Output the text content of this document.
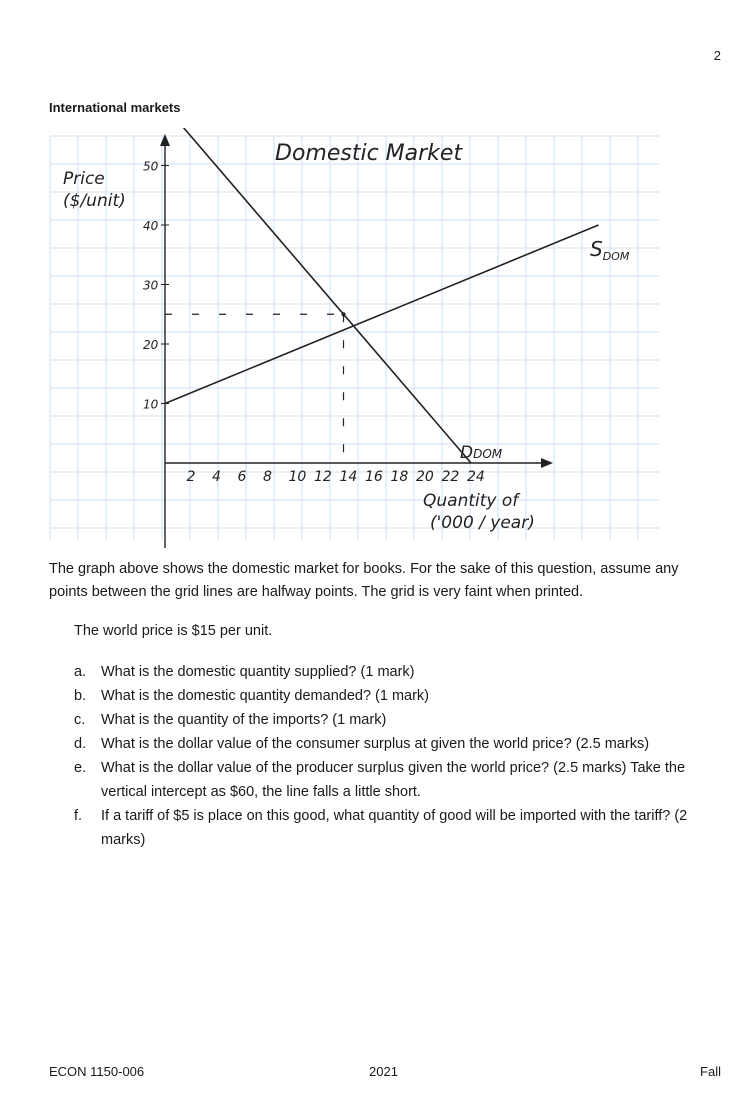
2
International markets
2 4 6 8 10 12 14 16 18 20 22 24
10
20
30
40
50
Domestic Market
Price
($/unit)
Quantity of
('000 / year)
$S_{DOM}$
DDOM
The graph above shows the domestic market for books. For the sake of this question, assume any points between the grid lines are halfway points. The grid is very faint when printed.
The world price is $15 per unit.
a. What is the domestic quantity supplied? (1 mark)
b. What is the domestic quantity demanded? (1 mark)
c. What is the quantity of the imports? (1 mark)
d. What is the dollar value of the consumer surplus at given the world price? (2.5 marks)
e. What is the dollar value of the producer surplus given the world price? (2.5 marks) Take the vertical intercept as $60, the line falls a little short.
f. If a tariff of $5 is place on this good, what quantity of good will be imported with the tariff? (2 marks)
ECON 1150-006	2021	Fall
